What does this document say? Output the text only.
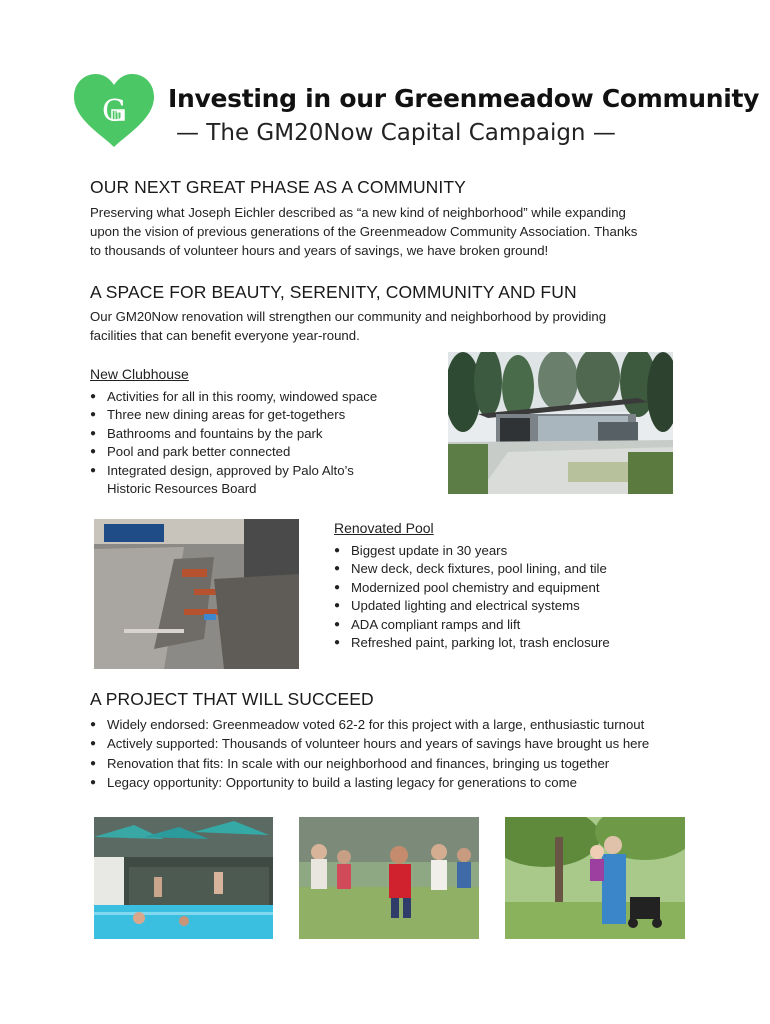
G Investing in our Greenmeadow Community
— The GM20Now Capital Campaign —
OUR NEXT GREAT PHASE AS A COMMUNITY
Preserving what Joseph Eichler described as “a new kind of neighborhood” while expanding
upon the vision of previous generations of the Greenmeadow Community Association. Thanks
to thousands of volunteer hours and years of savings, we have broken ground!
A SPACE FOR BEAUTY, SERENITY, COMMUNITY AND FUN
Our GM20Now renovation will strengthen our community and neighborhood by providing
facilities that can benefit everyone year-round.
New Clubhouse
● Activities for all in this roomy, windowed space
● Three new dining areas for get-togethers
● Bathrooms and fountains by the park
● Pool and park better connected
● Integrated design, approved by Palo Alto’s
Historic Resources Board
Renovated Pool
● Biggest update in 30 years
● New deck, deck fixtures, pool lining, and tile
● Modernized pool chemistry and equipment
● Updated lighting and electrical systems
● ADA compliant ramps and lift
● Refreshed paint, parking lot, trash enclosure
A PROJECT THAT WILL SUCCEED
● Widely endorsed: Greenmeadow voted 62-2 for this project with a large, enthusiastic turnout
● Actively supported: Thousands of volunteer hours and years of savings have brought us here
● Renovation that fits: In scale with our neighborhood and finances, bringing us together
● Legacy opportunity: Opportunity to build a lasting legacy for generations to come
